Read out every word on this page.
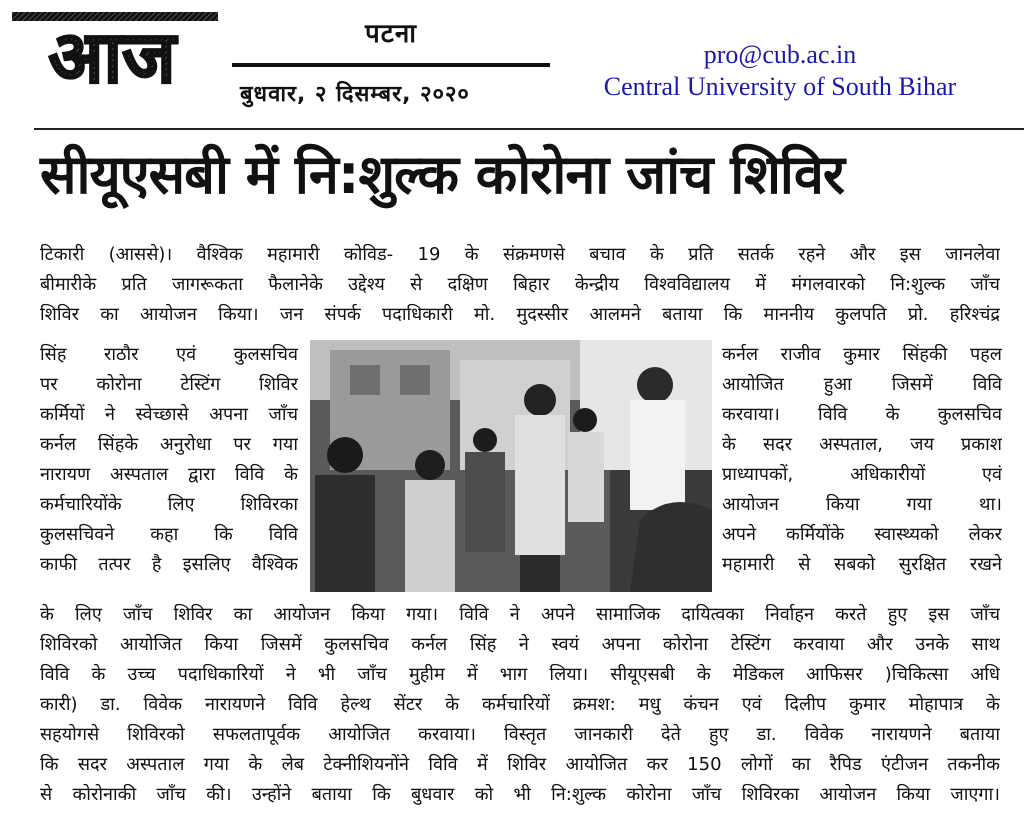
आज	पटना
बुधवार, २ दिसम्बर, २०२०
pro@cub.ac.in
Central University of South Bihar
सीयूएसबी में नि:शुल्क कोरोना जांच शिविर
टिकारी (आससे)। वैश्विक महामारी कोविड- 19 के संक्रमणसे बचाव के प्रति सतर्क रहने और इस जानलेवा
बीमारीके प्रति जागरूकता फैलानेके उद्देश्य से दक्षिण बिहार केन्द्रीय विश्वविद्यालय में मंगलवारको नि:शुल्क जाँच
शिविर का आयोजन किया। जन संपर्क पदाधिकारी मो. मुदस्सीर आलमने बताया कि माननीय कुलपति प्रो. हरिश्चंद्र
सिंह राठौर एवं कुलसचिव
पर कोरोना टेस्टिंग शिविर
कर्मियों ने स्वेच्छासे अपना जाँच
कर्नल सिंहके अनुरोधा पर गया
नारायण अस्पताल द्वारा विवि के
कर्मचारियोंके लिए शिविरका
कुलसचिवने कहा कि विवि
काफी तत्पर है इसलिए वैश्विक
कर्नल राजीव कुमार सिंहकी पहल
आयोजित हुआ जिसमें विवि
करवाया। विवि के कुलसचिव
के सदर अस्पताल, जय प्रकाश
प्राध्यापकों, अधिकारीयों एवं
आयोजन किया गया था।
अपने कर्मियोंके स्वास्थ्यको लेकर
महामारी से सबको सुरक्षित रखने
के लिए जाँच शिविर का आयोजन किया गया। विवि ने अपने सामाजिक दायित्वका निर्वाहन करते हुए इस जाँच
शिविरको आयोजित किया जिसमें कुलसचिव कर्नल सिंह ने स्वयं अपना कोरोना टेस्टिंग करवाया और उनके साथ
विवि के उच्च पदाधिकारियों ने भी जाँच मुहीम में भाग लिया। सीयूएसबी के मेडिकल आफिसर )चिकित्सा अधि
कारी) डा. विवेक नारायणने विवि हेल्थ सेंटर के कर्मचारियों क्रमश: मधु कंचन एवं दिलीप कुमार मोहापात्र के
सहयोगसे शिविरको सफलतापूर्वक आयोजित करवाया। विस्तृत जानकारी देते हुए डा. विवेक नारायणने बताया
कि सदर अस्पताल गया के लेब टेक्नीशियनोंने विवि में शिविर आयोजित कर 150 लोगों का रैपिड एंटीजन तकनीक
से कोरोनाकी जाँच की। उन्होंने बताया कि बुधवार को भी नि:शुल्क कोरोना जाँच शिविरका आयोजन किया जाएगा।
